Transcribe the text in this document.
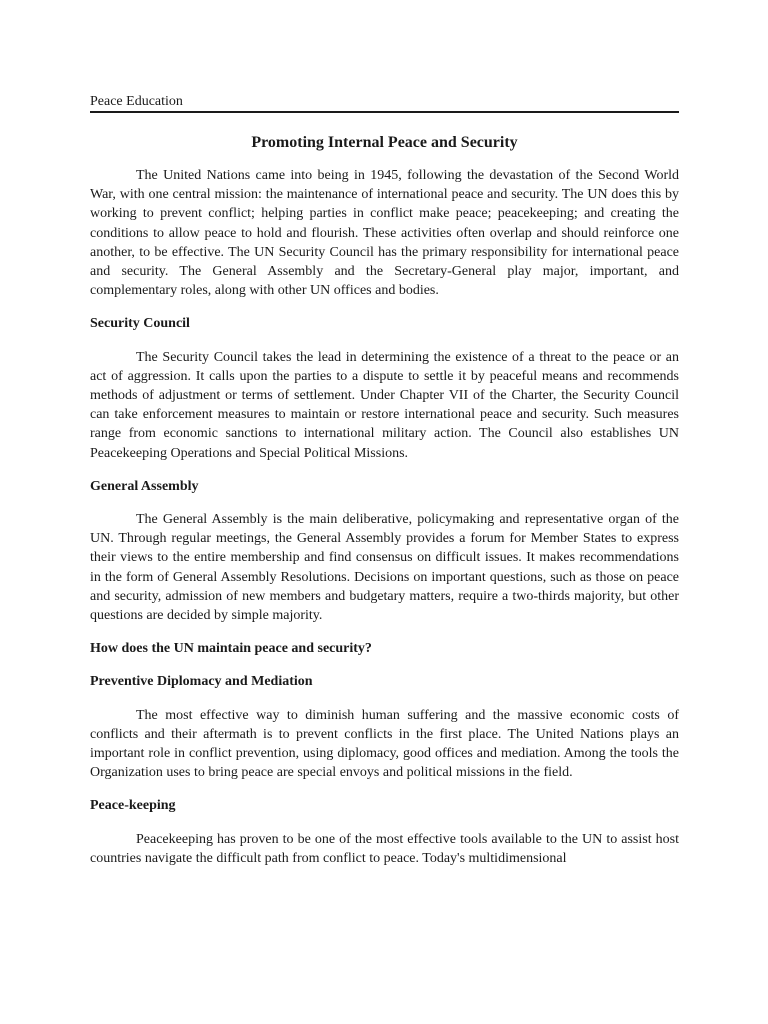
Peace Education
Promoting Internal Peace and Security

The United Nations came into being in 1945, following the devastation of the Second World War, with one central mission: the maintenance of international peace and security. The UN does this by working to prevent conflict; helping parties in conflict make peace; peacekeeping; and creating the conditions to allow peace to hold and flourish. These activities often overlap and should reinforce one another, to be effective. The UN Security Council has the primary responsibility for international peace and security. The General Assembly and the Secretary-General play major, important, and complementary roles, along with other UN offices and bodies.

Security Council

The Security Council takes the lead in determining the existence of a threat to the peace or an act of aggression. It calls upon the parties to a dispute to settle it by peaceful means and recommends methods of adjustment or terms of settlement. Under Chapter VII of the Charter, the Security Council can take enforcement measures to maintain or restore international peace and security. Such measures range from economic sanctions to international military action. The Council also establishes UN Peacekeeping Operations and Special Political Missions.

General Assembly

The General Assembly is the main deliberative, policymaking and representative organ of the UN. Through regular meetings, the General Assembly provides a forum for Member States to express their views to the entire membership and find consensus on difficult issues. It makes recommendations in the form of General Assembly Resolutions. Decisions on important questions, such as those on peace and security, admission of new members and budgetary matters, require a two-thirds majority, but other questions are decided by simple majority.

How does the UN maintain peace and security?
Preventive Diplomacy and Mediation

The most effective way to diminish human suffering and the massive economic costs of conflicts and their aftermath is to prevent conflicts in the first place. The United Nations plays an important role in conflict prevention, using diplomacy, good offices and mediation. Among the tools the Organization uses to bring peace are special envoys and political missions in the field.

Peace-keeping

Peacekeeping has proven to be one of the most effective tools available to the UN to assist host countries navigate the difficult path from conflict to peace. Today's multidimensional
